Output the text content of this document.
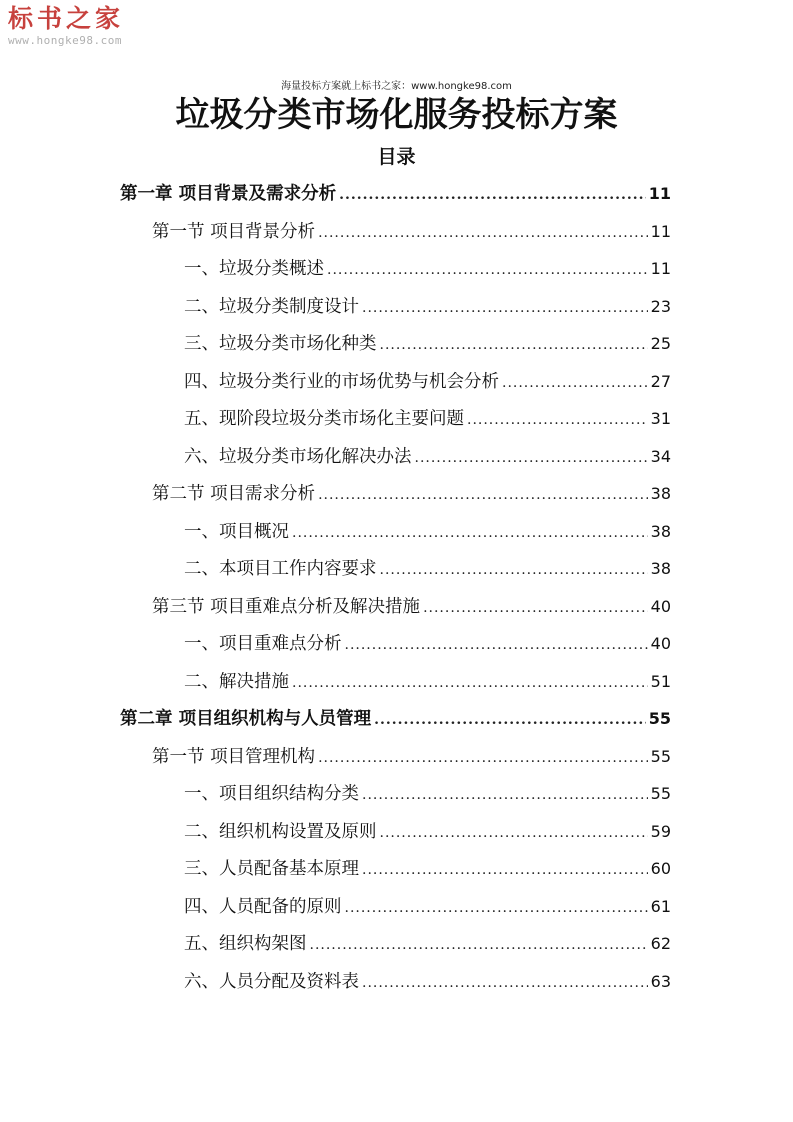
标书之家
www.hongke98.com
海量投标方案就上标书之家：www.hongke98.com
垃圾分类市场化服务投标方案
目录
第一章 项目背景及需求分析 .....	11
第一节 项目背景分析 .....	11
一、垃圾分类概述 .....	11
二、垃圾分类制度设计 .....	23
三、垃圾分类市场化种类 .....	25
四、垃圾分类行业的市场优势与机会分析 .....	27
五、现阶段垃圾分类市场化主要问题 .....	31
六、垃圾分类市场化解决办法 .....	34
第二节 项目需求分析 .....	38
一、项目概况 .....	38
二、本项目工作内容要求 .....	38
第三节 项目重难点分析及解决措施 .....	40
一、项目重难点分析 .....	40
二、解决措施 .....	51
第二章 项目组织机构与人员管理 .....	55
第一节 项目管理机构 .....	55
一、项目组织结构分类 .....	55
二、组织机构设置及原则 .....	59
三、人员配备基本原理 .....	60
四、人员配备的原则 .....	61
五、组织构架图 .....	62
六、人员分配及资料表 .....	63
